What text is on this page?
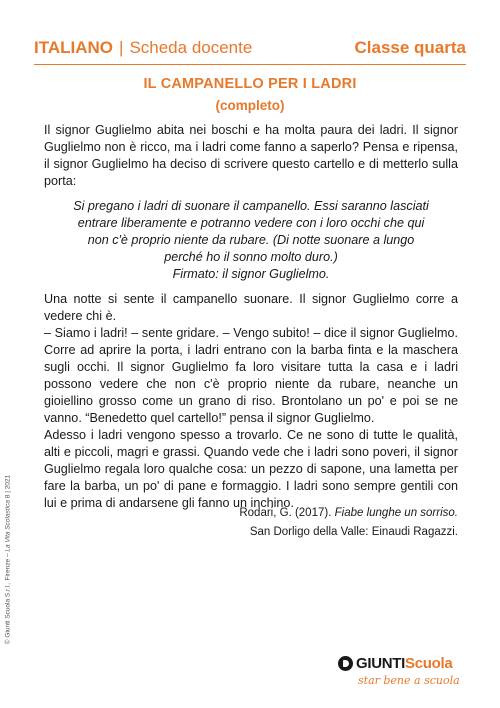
ITALIANO | Scheda docente	Classe quarta
IL CAMPANELLO PER I LADRI
(completo)

Il signor Guglielmo abita nei boschi e ha molta paura dei ladri. Il signor Guglielmo non è ricco, ma i ladri come fanno a saperlo? Pensa e ripensa, il signor Guglielmo ha deciso di scrivere questo cartello e di metterlo sulla porta:

Si pregano i ladri di suonare il campanello. Essi saranno lasciati
entrare liberamente e potranno vedere con i loro occhi che qui
non c'è proprio niente da rubare. (Di notte suonare a lungo
perché ho il sonno molto duro.)
Firmato: il signor Guglielmo.

Una notte si sente il campanello suonare. Il signor Guglielmo corre a vedere chi è.

– Siamo i ladri! – sente gridare. – Vengo subito! – dice il signor Guglielmo. Corre ad aprire la porta, i ladri entrano con la barba finta e la maschera sugli occhi. Il signor Guglielmo fa loro visitare tutta la casa e i ladri possono vedere che non c'è proprio niente da rubare, neanche un gioiellino grosso come un grano di riso. Brontolano un po' e poi se ne vanno. “Benedetto quel cartello!” pensa il signor Guglielmo.

Adesso i ladri vengono spesso a trovarlo. Ce ne sono di tutte le qualità, alti e piccoli, magri e grassi. Quando vede che i ladri sono poveri, il signor Guglielmo regala loro qualche cosa: un pezzo di sapone, una lametta per fare la barba, un po' di pane e formaggio. I ladri sono sempre gentili con lui e prima di andarsene gli fanno un inchino.

Rodari, G. (2017). Fiabe lunghe un sorriso.
San Dorligo della Valle: Einaudi Ragazzi.
© Giunti Scuola S.r.l., Firenze – La Vita Scolastica 8 | 2021
GIUNTI Scuola
star bene a scuola
